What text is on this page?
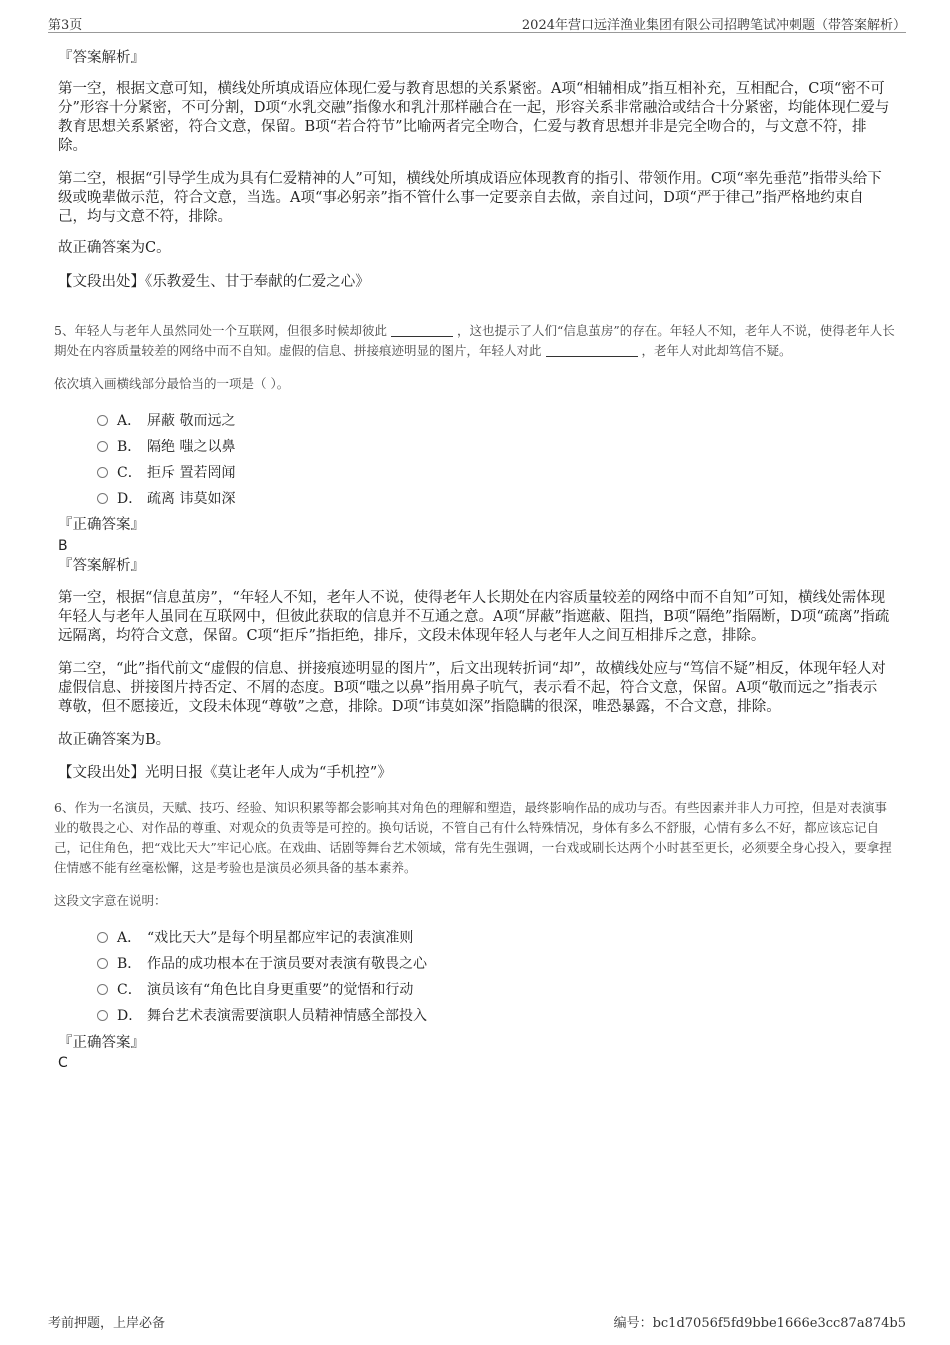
第3页	2024年营口远洋渔业集团有限公司招聘笔试冲刺题（带答案解析）
『答案解析』
第一空，根据文意可知，横线处所填成语应体现仁爱与教育思想的关系紧密。A项“相辅相成”指互相补充，互相配合，C项“密不可分”形容十分紧密，不可分割，D项“水乳交融”指像水和乳汁那样融合在一起，形容关系非常融洽或结合十分紧密，均能体现仁爱与教育思想关系紧密，符合文意，保留。B项“若合符节”比喻两者完全吻合，仁爱与教育思想并非是完全吻合的，与文意不符，排除。
第二空，根据“引导学生成为具有仁爱精神的人”可知，横线处所填成语应体现教育的指引、带领作用。C项“率先垂范”指带头给下级或晚辈做示范，符合文意，当选。A项“事必躬亲”指不管什么事一定要亲自去做，亲自过问，D项“严于律己”指严格地约束自己，均与文意不符，排除。
故正确答案为C。
【文段出处】《乐教爱生、甘于奉献的仁爱之心》
5、年轻人与老年人虽然同处一个互联网，但很多时候却彼此	，这也提示了人们“信息茧房”的存在。年轻人不知，老年人不说，使得老年人长期处在内容质量较差的网络中而不自知。虚假的信息、拼接痕迹明显的图片，年轻人对此	，老年人对此却笃信不疑。
依次填入画横线部分最恰当的一项是（ ）。
A． 屏蔽 敬而远之
B． 隔绝 嗤之以鼻
C． 拒斥 置若罔闻
D． 疏离 讳莫如深
『正确答案』
B
『答案解析』
第一空，根据“信息茧房”，“年轻人不知，老年人不说，使得老年人长期处在内容质量较差的网络中而不自知”可知，横线处需体现年轻人与老年人虽同在互联网中，但彼此获取的信息并不互通之意。A项“屏蔽”指遮蔽、阻挡，B项“隔绝”指隔断，D项“疏离”指疏远隔离，均符合文意，保留。C项“拒斥”指拒绝，排斥，文段未体现年轻人与老年人之间互相排斥之意，排除。
第二空，“此”指代前文“虚假的信息、拼接痕迹明显的图片”，后文出现转折词“却”，故横线处应与“笃信不疑”相反，体现年轻人对虚假信息、拼接图片持否定、不屑的态度。B项“嗤之以鼻”指用鼻子吭气，表示看不起，符合文意，保留。A项“敬而远之”指表示尊敬，但不愿接近，文段未体现“尊敬”之意，排除。D项“讳莫如深”指隐瞒的很深，唯恐暴露，不合文意，排除。
故正确答案为B。
【文段出处】光明日报《莫让老年人成为“手机控”》
6、作为一名演员，天赋、技巧、经验、知识积累等都会影响其对角色的理解和塑造，最终影响作品的成功与否。有些因素并非人力可控，但是对表演事业的敬畏之心、对作品的尊重、对观众的负责等是可控的。换句话说，不管自己有什么特殊情况，身体有多么不舒服，心情有多么不好，都应该忘记自己，记住角色，把“戏比天大”牢记心底。在戏曲、话剧等舞台艺术领域，常有先生强调，一台戏或刷长达两个小时甚至更长，必须要全身心投入，要拿捏住情感不能有丝毫松懈，这是考验也是演员必须具备的基本素养。
这段文字意在说明：
A． “戏比天大”是每个明星都应牢记的表演准则
B． 作品的成功根本在于演员要对表演有敬畏之心
C． 演员该有“角色比自身更重要”的觉悟和行动
D． 舞台艺术表演需要演职人员精神情感全部投入
『正确答案』
C
考前押题，上岸必备	编号：bc1d7056f5fd9bbe1666e3cc87a874b5
